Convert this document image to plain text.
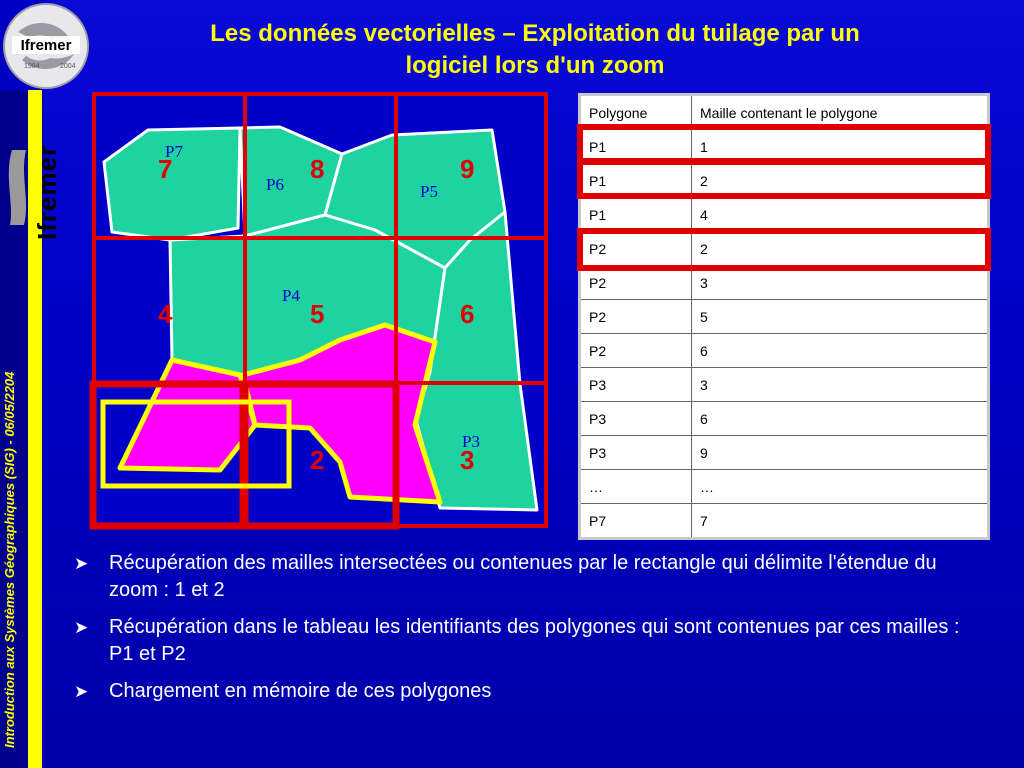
Ifremer
Introduction aux Systèmes Géographiques (SIG) - 06/05/2204
Ifremer
1984	2004
Les données vectorielles – Exploitation du tuilage par un
logiciel lors d'un zoom
7	8	9
4	5	6
2	3
P7
P6	P5
P4
P3
Polygone	Maille contenant le polygone
P1	1
P1	2
P1	4
P2	2
P2	3
P2	5
P2	6
P3	3
P3	6
P3	9
…	…
P7	7
➤ Récupération des mailles intersectées ou contenues par le rectangle qui délimite l'étendue du zoom : 1 et 2
➤ Récupération dans le tableau les identifiants des polygones qui sont contenues par ces mailles : P1 et P2
➤ Chargement en mémoire de ces polygones
